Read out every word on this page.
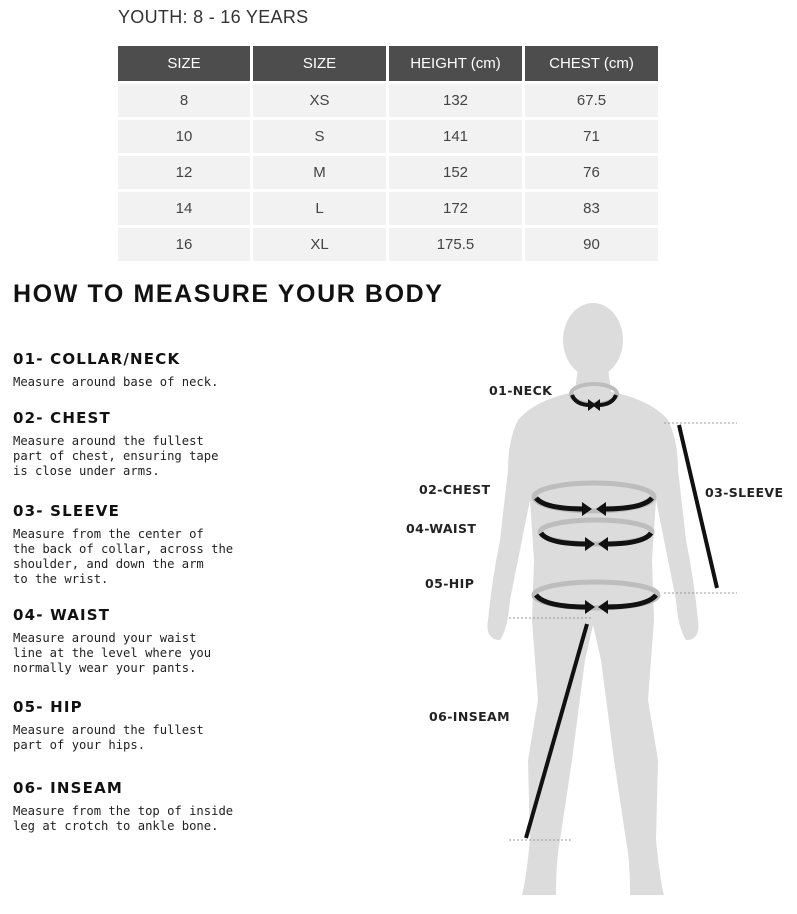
YOUTH: 8 - 16 YEARS
SIZE	SIZE	HEIGHT (cm)	CHEST (cm)
8	XS	132	67.5
10	S	141	71
12	M	152	76
14	L	172	83
16	XL	175.5	90
HOW TO MEASURE YOUR BODY

01- COLLAR/NECK

Measure around base of neck.

02- CHEST

Measure around the fullest
part of chest, ensuring tape
is close under arms.

03- SLEEVE

Measure from the center of
the back of collar, across the
shoulder, and down the arm
to the wrist.

04- WAIST

Measure around your waist
line at the level where you
normally wear your pants.

05- HIP

Measure around the fullest
part of your hips.

06- INSEAM

Measure from the top of inside
leg at crotch to ankle bone.

01-NECK
02-CHEST	03-SLEEVE
04-WAIST
05-HIP
06-INSEAM
